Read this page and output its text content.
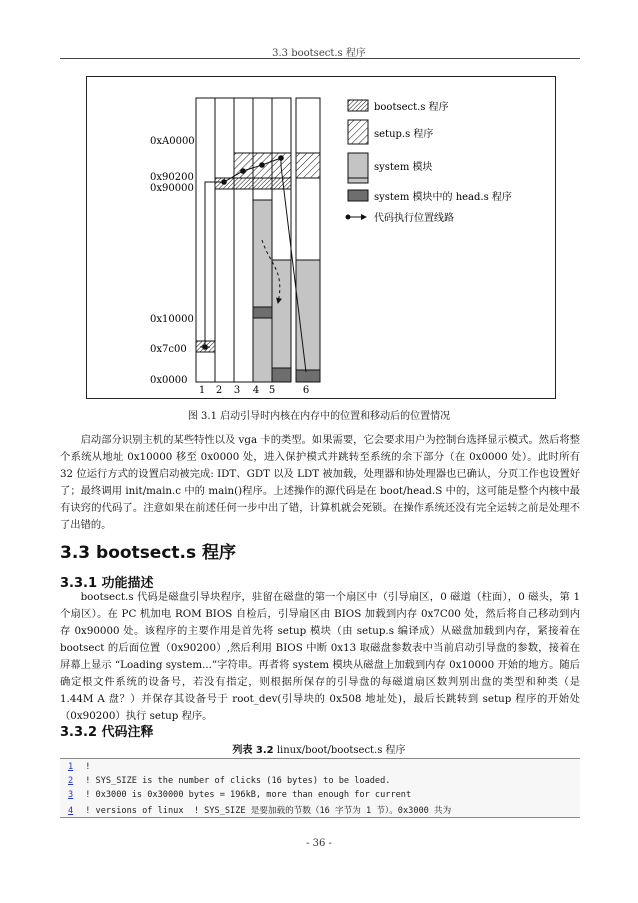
3.3 bootsect.s 程序
0xA0000
0x90200
0x90000
0x10000
0x7c00
0x0000
1 2 3 4 5	6
bootsect.s 程序
setup.s 程序
system 模块
system 模块中的 head.s 程序
代码执行位置线路
图 3.1 启动引导时内核在内存中的位置和移动后的位置情况
启动部分识别主机的某些特性以及 vga 卡的类型。如果需要，它会要求用户为控制台选择显示模式。然后将整个系统从地址 0x10000 移至 0x0000 处，进入保护模式并跳转至系统的余下部分（在 0x0000 处）。此时所有 32 位运行方式的设置启动被完成: IDT、GDT 以及 LDT 被加载，处理器和协处理器也已确认，分页工作也设置好了；最终调用 init/main.c 中的 main()程序。上述操作的源代码是在 boot/head.S 中的，这可能是整个内核中最有诀窍的代码了。注意如果在前述任何一步中出了错，计算机就会死锁。在操作系统还没有完全运转之前是处理不了出错的。
3.3 bootsect.s 程序
3.3.1 功能描述
bootsect.s 代码是磁盘引导块程序，驻留在磁盘的第一个扇区中（引导扇区，0 磁道（柱面），0 磁头，第 1 个扇区）。在 PC 机加电 ROM BIOS 自检后，引导扇区由 BIOS 加载到内存 0x7C00 处，然后将自己移动到内存 0x90000 处。该程序的主要作用是首先将 setup 模块（由 setup.s 编译成）从磁盘加载到内存，紧接着在 bootsect 的后面位置（0x90200）,然后利用 BIOS 中断 0x13 取磁盘参数表中当前启动引导盘的参数，接着在屏幕上显示 “Loading system...”字符串。再者将 system 模块从磁盘上加载到内存 0x10000 开始的地方。随后确定根文件系统的设备号，若没有指定，则根据所保存的引导盘的每磁道扇区数判别出盘的类型和种类（是 1.44M A 盘？）并保存其设备号于 root_dev(引导块的 0x508 地址处)，最后长跳转到 setup 程序的开始处（0x90200）执行 setup 程序。
3.3.2 代码注释
列表 3.2 linux/boot/bootsect.s 程序
1 !
2 ! SYS_SIZE is the number of clicks (16 bytes) to be loaded.
3 ! 0x3000 is 0x30000 bytes = 196kB, more than enough for current
4 ! versions of linux  ! SYS_SIZE 是要加载的节数（16 字节为 1 节）。0x3000 共为
- 36 -
